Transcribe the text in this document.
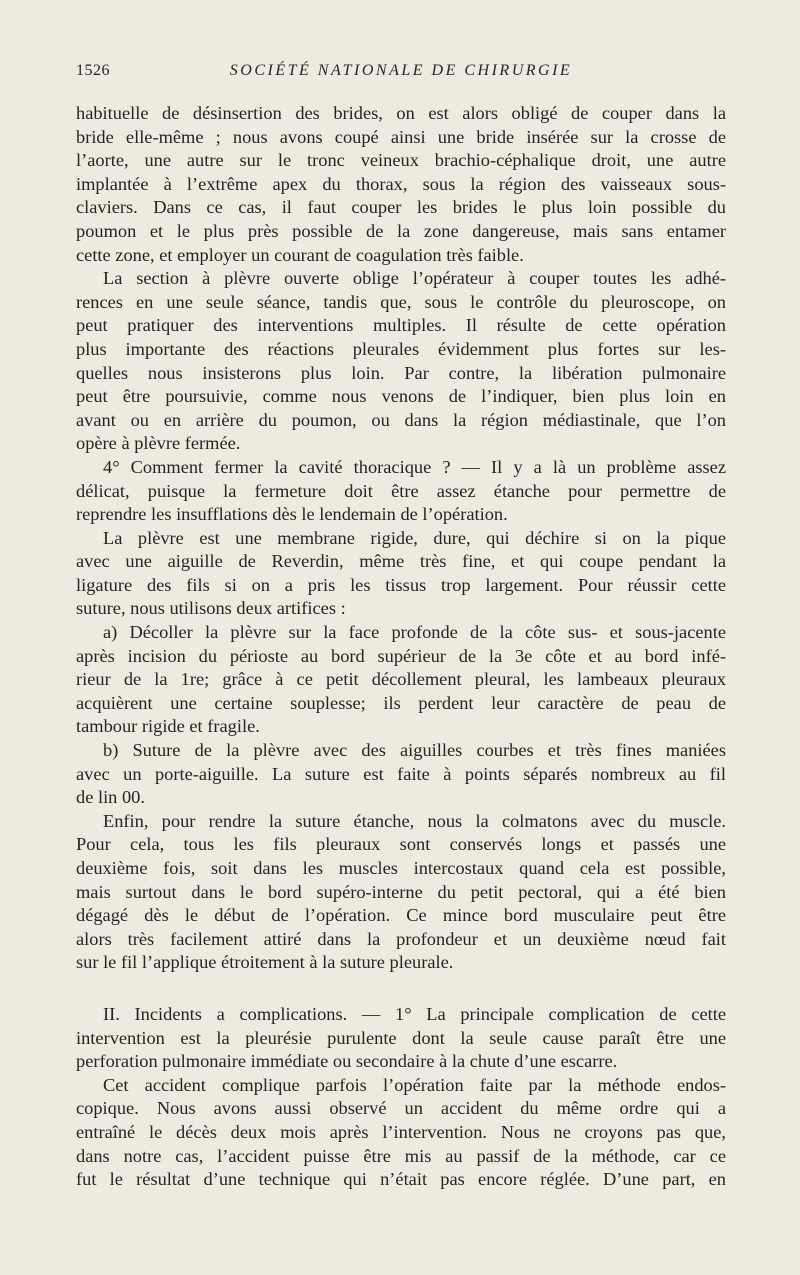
1526	SOCIÉTÉ NATIONALE DE CHIRURGIE
habituelle de désinsertion des brides, on est alors obligé de couper dans la
bride elle-même ; nous avons coupé ainsi une bride insérée sur la crosse de
l’aorte, une autre sur le tronc veineux brachio-céphalique droit, une autre
implantée à l’extrême apex du thorax, sous la région des vaisseaux sous-
claviers. Dans ce cas, il faut couper les brides le plus loin possible du
poumon et le plus près possible de la zone dangereuse, mais sans entamer
cette zone, et employer un courant de coagulation très faible.
La section à plèvre ouverte oblige l’opérateur à couper toutes les adhé-
rences en une seule séance, tandis que, sous le contrôle du pleuroscope, on
peut pratiquer des interventions multiples. Il résulte de cette opération
plus importante des réactions pleurales évidemment plus fortes sur les-
quelles nous insisterons plus loin. Par contre, la libération pulmonaire
peut être poursuivie, comme nous venons de l’indiquer, bien plus loin en
avant ou en arrière du poumon, ou dans la région médiastinale, que l’on
opère à plèvre fermée.
4° Comment fermer la cavité thoracique ? — Il y a là un problème assez
délicat, puisque la fermeture doit être assez étanche pour permettre de
reprendre les insufflations dès le lendemain de l’opération.
La plèvre est une membrane rigide, dure, qui déchire si on la pique
avec une aiguille de Reverdin, même très fine, et qui coupe pendant la
ligature des fils si on a pris les tissus trop largement. Pour réussir cette
suture, nous utilisons deux artifices :
a) Décoller la plèvre sur la face profonde de la côte sus- et sous-jacente
après incision du périoste au bord supérieur de la 3e côte et au bord infé-
rieur de la 1re; grâce à ce petit décollement pleural, les lambeaux pleuraux
acquièrent une certaine souplesse; ils perdent leur caractère de peau de
tambour rigide et fragile.
b) Suture de la plèvre avec des aiguilles courbes et très fines maniées
avec un porte-aiguille. La suture est faite à points séparés nombreux au fil
de lin 00.
Enfin, pour rendre la suture étanche, nous la colmatons avec du muscle.
Pour cela, tous les fils pleuraux sont conservés longs et passés une
deuxième fois, soit dans les muscles intercostaux quand cela est possible,
mais surtout dans le bord supéro-interne du petit pectoral, qui a été bien
dégagé dès le début de l’opération. Ce mince bord musculaire peut être
alors très facilement attiré dans la profondeur et un deuxième nœud fait
sur le fil l’applique étroitement à la suture pleurale.
II. Incidents a complications. — 1° La principale complication de cette
intervention est la pleurésie purulente dont la seule cause paraît être une
perforation pulmonaire immédiate ou secondaire à la chute d’une escarre.
Cet accident complique parfois l’opération faite par la méthode endos-
copique. Nous avons aussi observé un accident du même ordre qui a
entraîné le décès deux mois après l’intervention. Nous ne croyons pas que,
dans notre cas, l’accident puisse être mis au passif de la méthode, car ce
fut le résultat d’une technique qui n’était pas encore réglée. D’une part, en
